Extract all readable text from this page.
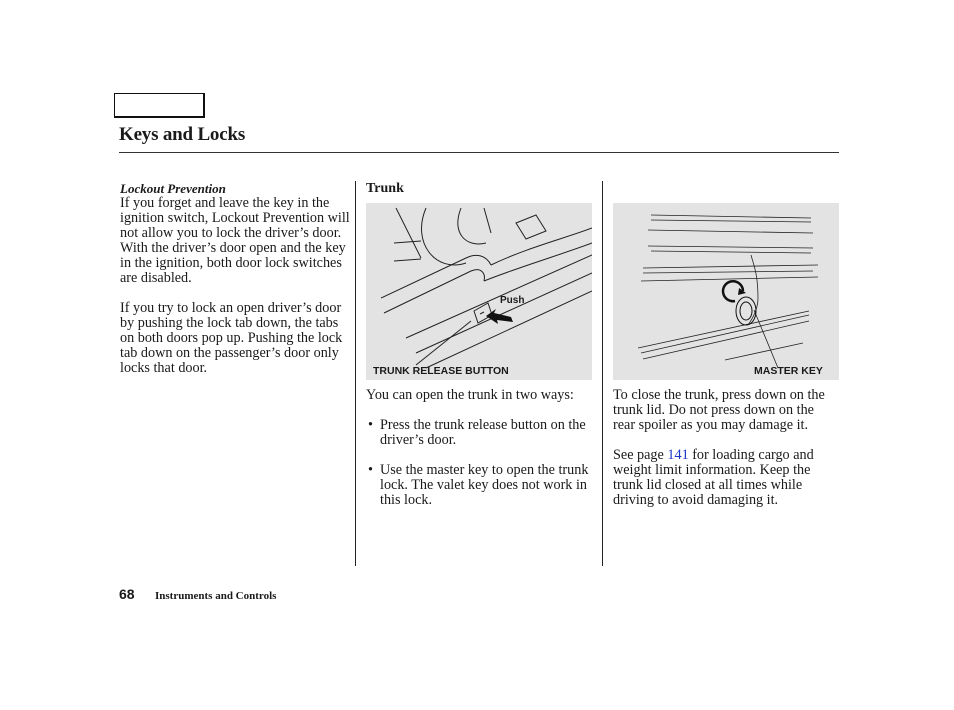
Keys and Locks
Lockout Prevention

If you forget and leave the key in the ignition switch, Lockout Prevention will not allow you to lock the driver’s door. With the driver’s door open and the key in the ignition, both door lock switches are disabled.

If you try to lock an open driver’s door by pushing the lock tab down, the tabs on both doors pop up. Pushing the lock tab down on the passenger’s door only locks that door.

Trunk
Push
TRUNK RELEASE BUTTON

You can open the trunk in two ways:

• Press the trunk release button on the driver’s door.
• Use the master key to open the trunk lock. The valet key does not work in this lock.
MASTER KEY

To close the trunk, press down on the trunk lid. Do not press down on the rear spoiler as you may damage it.

See page 141 for loading cargo and weight limit information. Keep the trunk lid closed at all times while driving to avoid damaging it.

68 Instruments and Controls
